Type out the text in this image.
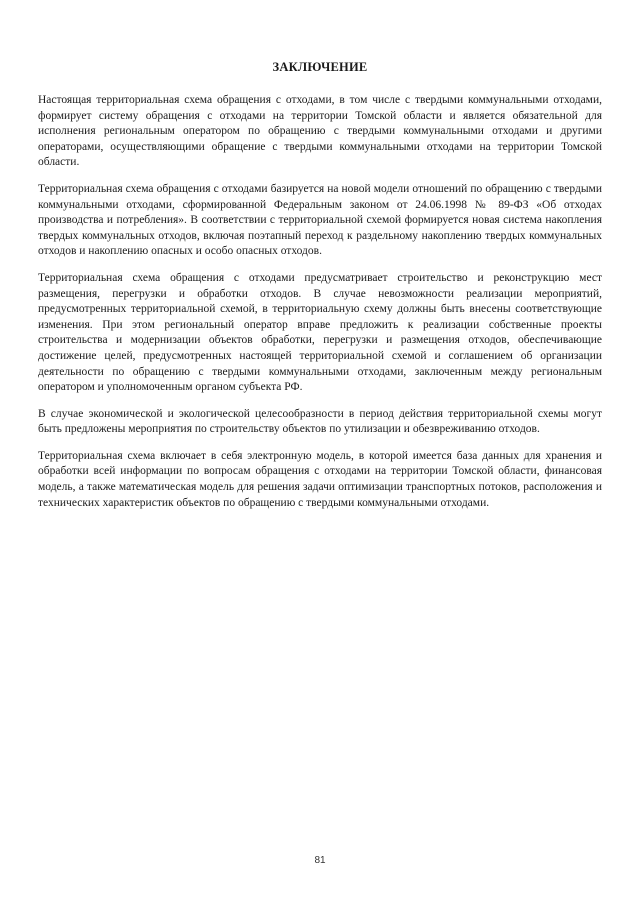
ЗАКЛЮЧЕНИЕ

Настоящая территориальная схема обращения с отходами, в том числе с твердыми коммунальными отходами, формирует систему обращения с отходами на территории Томской области и является обязательной для исполнения региональным оператором по обращению с твердыми коммунальными отходами и другими операторами, осуществляющими обращение с твердыми коммунальными отходами на территории Томской области.

Территориальная схема обращения с отходами базируется на новой модели отношений по обращению с твердыми коммунальными отходами, сформированной Федеральным законом от 24.06.1998 № 89-ФЗ «Об отходах производства и потребления». В соответствии с территориальной схемой формируется новая система накопления твердых коммунальных отходов, включая поэтапный переход к раздельному накоплению твердых коммунальных отходов и накоплению опасных и особо опасных отходов.

Территориальная схема обращения с отходами предусматривает строительство и реконструкцию мест размещения, перегрузки и обработки отходов. В случае невозможности реализации мероприятий, предусмотренных территориальной схемой, в территориальную схему должны быть внесены соответствующие изменения. При этом региональный оператор вправе предложить к реализации собственные проекты строительства и модернизации объектов обработки, перегрузки и размещения отходов, обеспечивающие достижение целей, предусмотренных настоящей территориальной схемой и соглашением об организации деятельности по обращению с твердыми коммунальными отходами, заключенным между региональным оператором и уполномоченным органом субъекта РФ.

В случае экономической и экологической целесообразности в период действия территориальной схемы могут быть предложены мероприятия по строительству объектов по утилизации и обезвреживанию отходов.

Территориальная схема включает в себя электронную модель, в которой имеется база данных для хранения и обработки всей информации по вопросам обращения с отходами на территории Томской области, финансовая модель, а также математическая модель для решения задачи оптимизации транспортных потоков, расположения и технических характеристик объектов по обращению с твердыми коммунальными отходами.

81
